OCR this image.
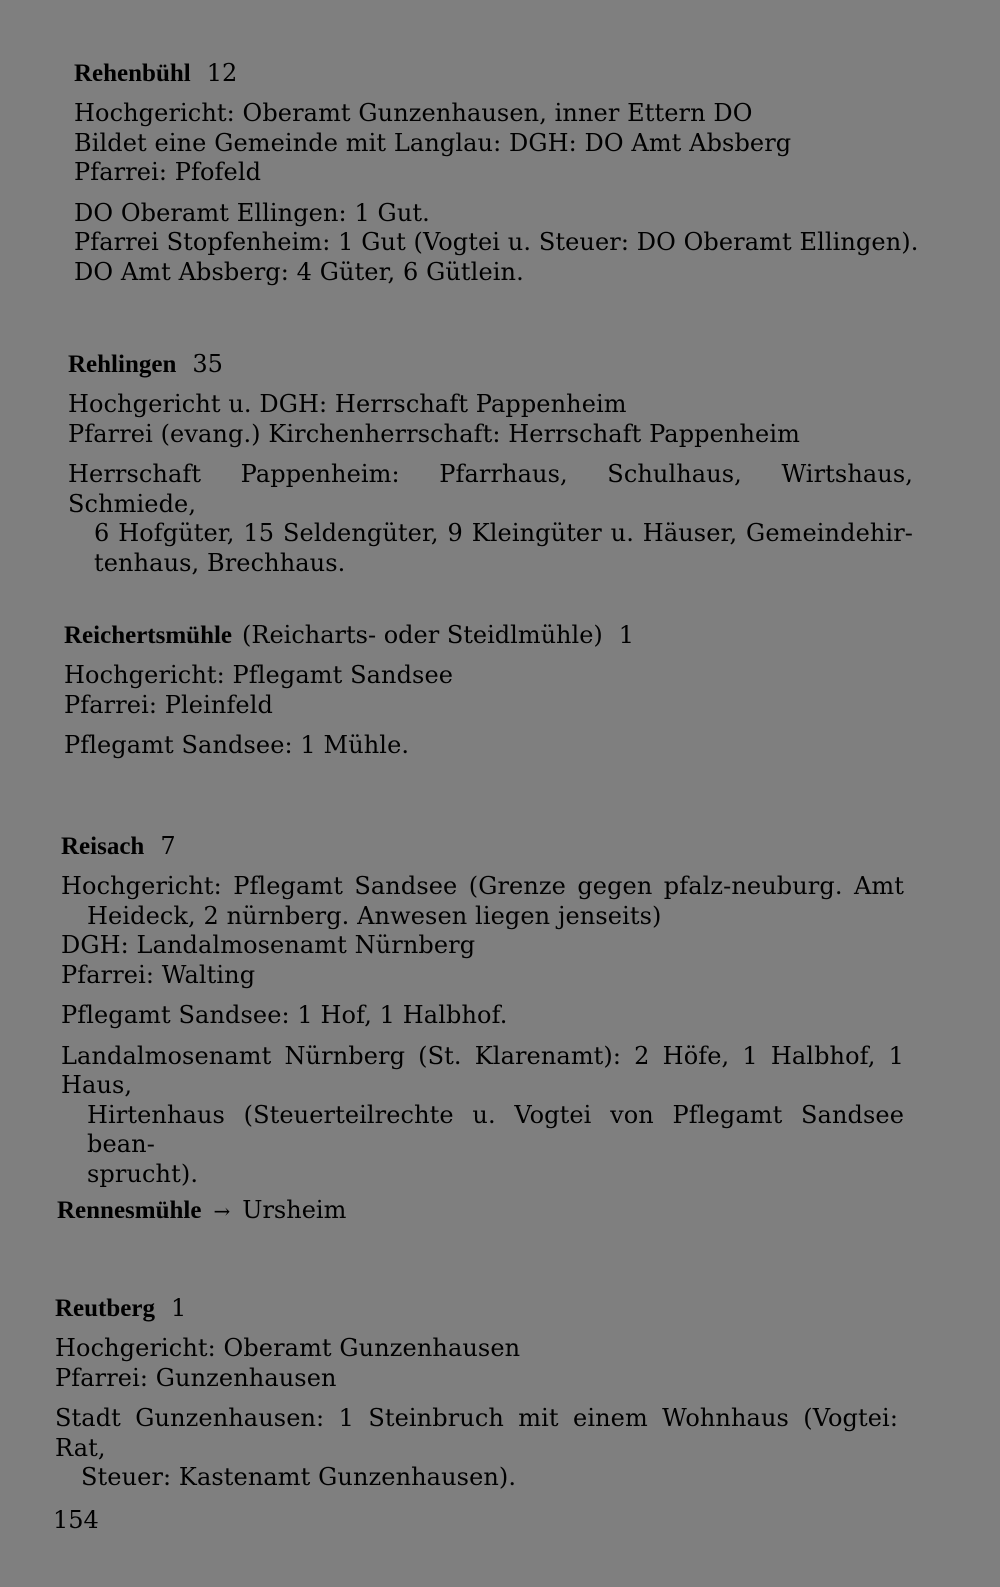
Rehenbühl 12
Hochgericht: Oberamt Gunzenhausen, inner Ettern DO
Bildet eine Gemeinde mit Langlau: DGH: DO Amt Absberg
Pfarrei: Pfofeld
DO Oberamt Ellingen: 1 Gut.
Pfarrei Stopfenheim: 1 Gut (Vogtei u. Steuer: DO Oberamt Ellingen).
DO Amt Absberg: 4 Güter, 6 Gütlein.
Rehlingen 35
Hochgericht u. DGH: Herrschaft Pappenheim
Pfarrei (evang.) Kirchenherrschaft: Herrschaft Pappenheim
Herrschaft Pappenheim: Pfarrhaus, Schulhaus, Wirtshaus, Schmiede,
6 Hofgüter, 15 Seldengüter, 9 Kleingüter u. Häuser, Gemeindehir-
tenhaus, Brechhaus.
Reichertsmühle (Reicharts- oder Steidlmühle) 1
Hochgericht: Pflegamt Sandsee
Pfarrei: Pleinfeld
Pflegamt Sandsee: 1 Mühle.
Reisach 7
Hochgericht: Pflegamt Sandsee (Grenze gegen pfalz-neuburg. Amt
Heideck, 2 nürnberg. Anwesen liegen jenseits)
DGH: Landalmosenamt Nürnberg
Pfarrei: Walting
Pflegamt Sandsee: 1 Hof, 1 Halbhof.
Landalmosenamt Nürnberg (St. Klarenamt): 2 Höfe, 1 Halbhof, 1 Haus,
Hirtenhaus (Steuerteilrechte u. Vogtei von Pflegamt Sandsee bean-
sprucht).
Rennesmühle → Ursheim
Reutberg 1
Hochgericht: Oberamt Gunzenhausen
Pfarrei: Gunzenhausen
Stadt Gunzenhausen: 1 Steinbruch mit einem Wohnhaus (Vogtei: Rat,
Steuer: Kastenamt Gunzenhausen).
154
